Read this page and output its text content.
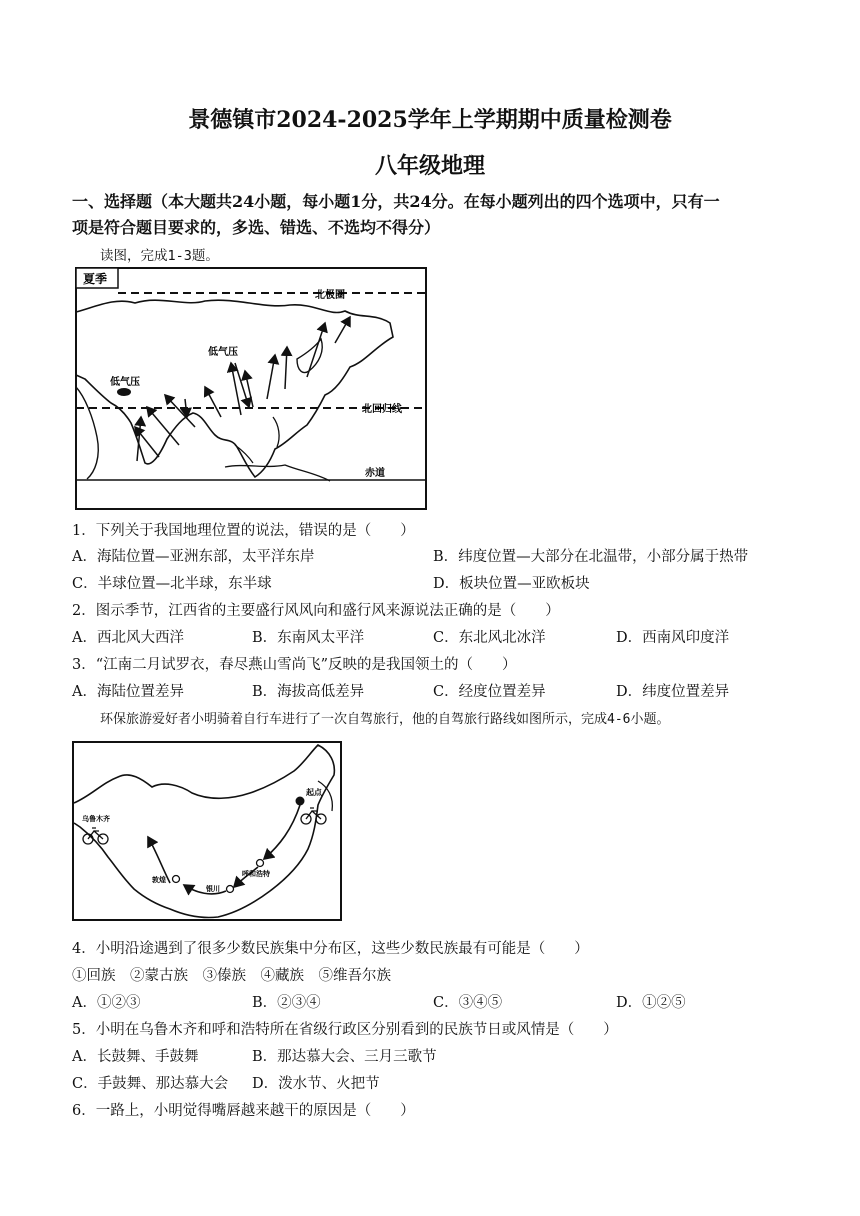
景德镇市2024-2025学年上学期期中质量检测卷
八年级地理
一、选择题（本大题共24小题，每小题1分，共24分。在每小题列出的四个选项中，只有一
项是符合题目要求的，多选、错选、不选均不得分）
读图，完成1-3题。
夏季
北极圈
北回归线
赤道
低气压
低气压
1．下列关于我国地理位置的说法，错误的是（　　）
A．海陆位置—亚洲东部，太平洋东岸	B．纬度位置—大部分在北温带，小部分属于热带
C．半球位置—北半球，东半球	D．板块位置—亚欧板块
2．图示季节，江西省的主要盛行风风向和盛行风来源说法正确的是（　　）
A．西北风大西洋	B．东南风太平洋	C．东北风北冰洋	D．西南风印度洋
3．“江南二月试罗衣，春尽燕山雪尚飞”反映的是我国领土的（　　）
A．海陆位置差异	B．海拔高低差异	C．经度位置差异	D．纬度位置差异
环保旅游爱好者小明骑着自行车进行了一次自驾旅行，他的自驾旅行路线如图所示，完成4-6小题。
起点
呼和浩特
银川
敦煌
乌鲁木齐
4．小明沿途遇到了很多少数民族集中分布区，这些少数民族最有可能是（　　）
①回族　②蒙古族　③傣族　④藏族　⑤维吾尔族
A．①②③	B．②③④	C．③④⑤	D．①②⑤
5．小明在乌鲁木齐和呼和浩特所在省级行政区分别看到的民族节日或风情是（　　）
A．长鼓舞、手鼓舞	B．那达慕大会、三月三歌节
C．手鼓舞、那达慕大会 D．泼水节、火把节
6．一路上，小明觉得嘴唇越来越干的原因是（　　）
